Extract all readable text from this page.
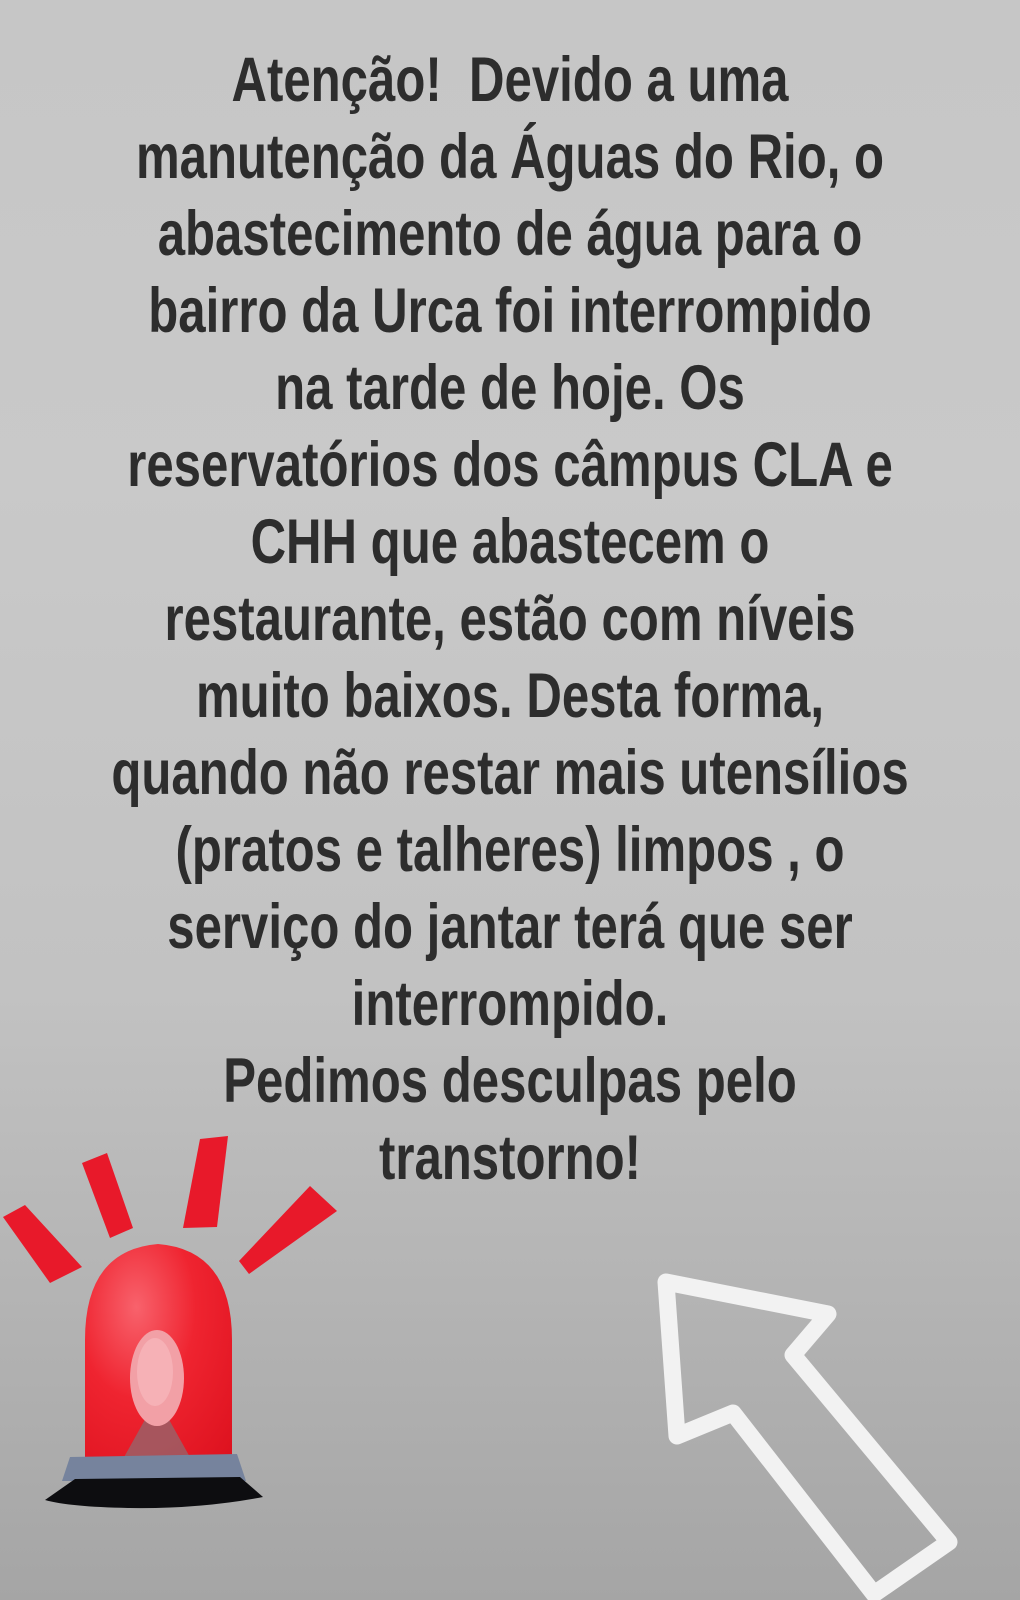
Atenção!  Devido a uma
manutenção da Águas do Rio, o
abastecimento de água para o
bairro da Urca foi interrompido
na tarde de hoje. Os
reservatórios dos câmpus CLA e
CHH que abastecem o
restaurante, estão com níveis
muito baixos. Desta forma,
quando não restar mais utensílios
(pratos e talheres) limpos , o
serviço do jantar terá que ser
interrompido.
Pedimos desculpas pelo
transtorno!
